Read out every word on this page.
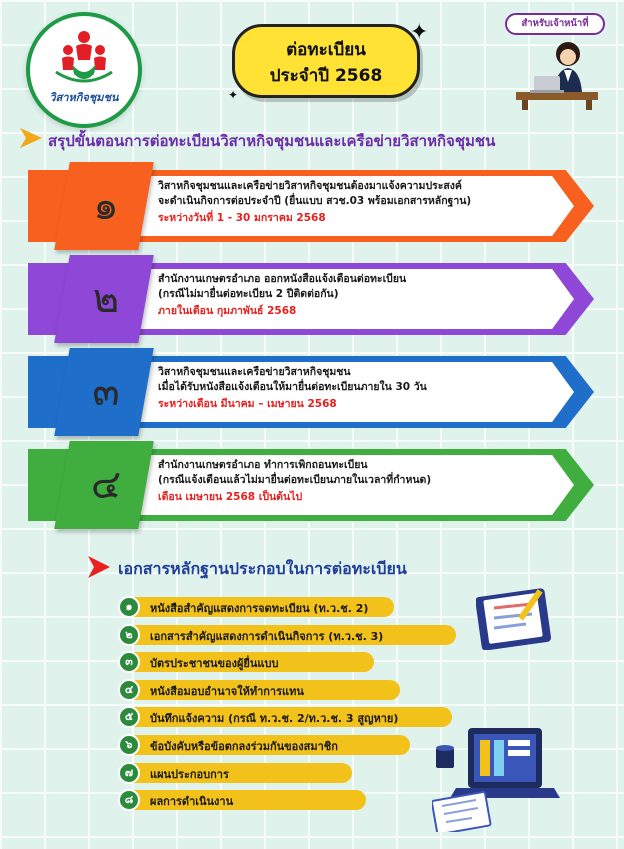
วิสาหกิจชุมชน
ต่อทะเบียน
ประจำปี 2568
✦
✦
สำหรับเจ้าหน้าที่
สรุปขั้นตอนการต่อทะเบียนวิสาหกิจชุมชนและเครือข่ายวิสาหกิจชุมชน
๑	วิสาหกิจชุมชนและเครือข่ายวิสาหกิจชุมชนต้องมาแจ้งความประสงค์
จะดำเนินกิจการต่อประจำปี (ยื่นแบบ สวช.03 พร้อมเอกสารหลักฐาน)
ระหว่างวันที่ 1 - 30 มกราคม 2568
๒	สำนักงานเกษตรอำเภอ ออกหนังสือแจ้งเตือนต่อทะเบียน
(กรณีไม่มายื่นต่อทะเบียน 2 ปีติดต่อกัน)
ภายในเดือน กุมภาพันธ์ 2568
๓	วิสาหกิจชุมชนและเครือข่ายวิสาหกิจชุมชน
เมื่อได้รับหนังสือแจ้งเตือนให้มายื่นต่อทะเบียนภายใน 30 วัน
ระหว่างเดือน มีนาคม – เมษายน 2568
๔	สำนักงานเกษตรอำเภอ ทำการเพิกถอนทะเบียน
(กรณีแจ้งเตือนแล้วไม่มายื่นต่อทะเบียนภายในเวลาที่กำหนด)
เดือน เมษายน 2568 เป็นต้นไป
เอกสารหลักฐานประกอบในการต่อทะเบียน
๑	หนังสือสำคัญแสดงการจดทะเบียน (ท.ว.ช. 2)
๒	เอกสารสำคัญแสดงการดำเนินกิจการ (ท.ว.ช. 3)
๓	บัตรประชาชนของผู้ยื่นแบบ
๔	หนังสือมอบอำนาจให้ทำการแทน
๕	บันทึกแจ้งความ (กรณี ท.ว.ช. 2/ท.ว.ช. 3 สูญหาย)
๖	ข้อบังคับหรือข้อตกลงร่วมกันของสมาชิก
๗	แผนประกอบการ
๘	ผลการดำเนินงาน
